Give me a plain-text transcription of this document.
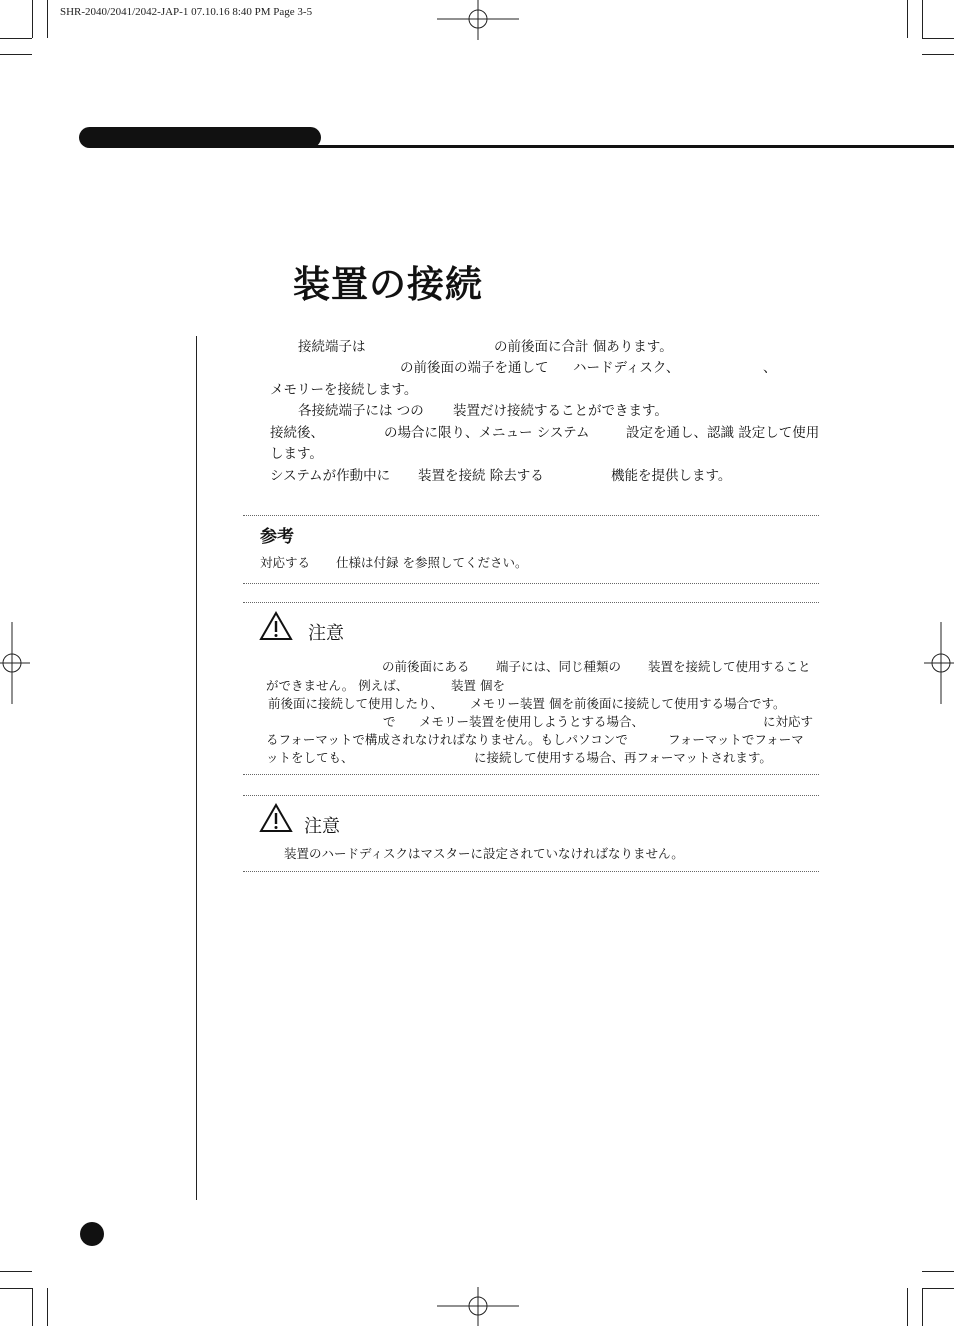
SHR-2040/2041/2042-JAP-1 07.10.16 8:40 PM Page 3-5
装置の接続
接続端子は	の前後面に合計 個あります。
の前後面の端子を通して ハードディスク、	、
メモリーを接続します。
各接続端子には つの 装置だけ接続することができます。
接続後、	の場合に限り、メニュー システム	設定を通し、認識 設定して使用
します。
システムが作動中に 装置を接続 除去する	機能を提供します。
参考
対応する 仕様は付録 を参照してください。
注意
の前後面にある 端子には、同じ種類の 装置を接続して使用すること
ができません。 例えば、	装置 個を
前後面に接続して使用したり、 メモリー装置 個を前後面に接続して使用する場合です。
で メモリー装置を使用しようとする場合、	に対応す
るフォーマットで構成されなければなりません。もしパソコンで	フォーマットでフォーマ
ットをしても、	に接続して使用する場合、再フォーマットされます。
注意
装置のハードディスクはマスターに設定されていなければなりません。
